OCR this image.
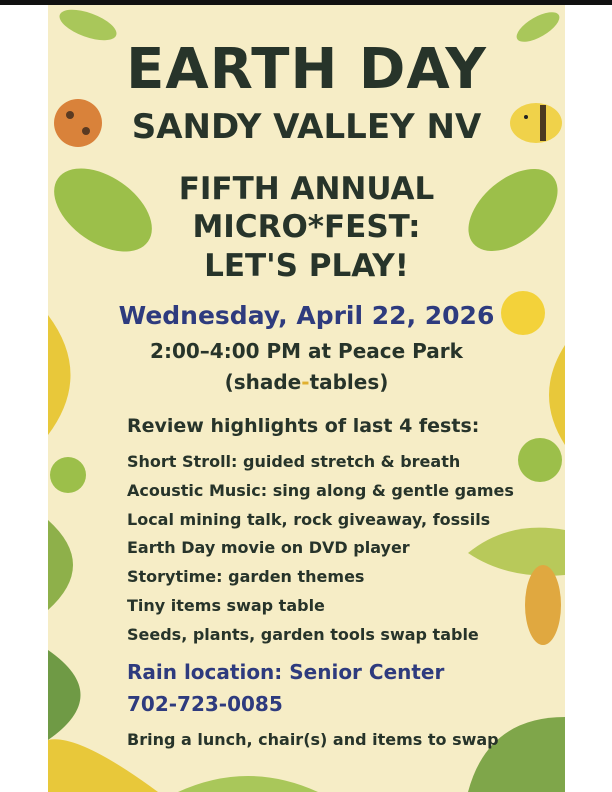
EARTH DAY
SANDY VALLEY NV
FIFTH ANNUAL
MICRO*FEST:
LET'S PLAY!
Wednesday, April 22, 2026
2:00–4:00 PM at Peace Park
(shade-tables)
Review highlights of last 4 fests:
Short Stroll: guided stretch & breath
Acoustic Music: sing along & gentle games
Local mining talk, rock giveaway, fossils
Earth Day movie on DVD player
Storytime: garden themes
Tiny items swap table
Seeds, plants, garden tools swap table
Rain location: Senior Center
702-723-0085
Bring a lunch, chair(s) and items to swap
